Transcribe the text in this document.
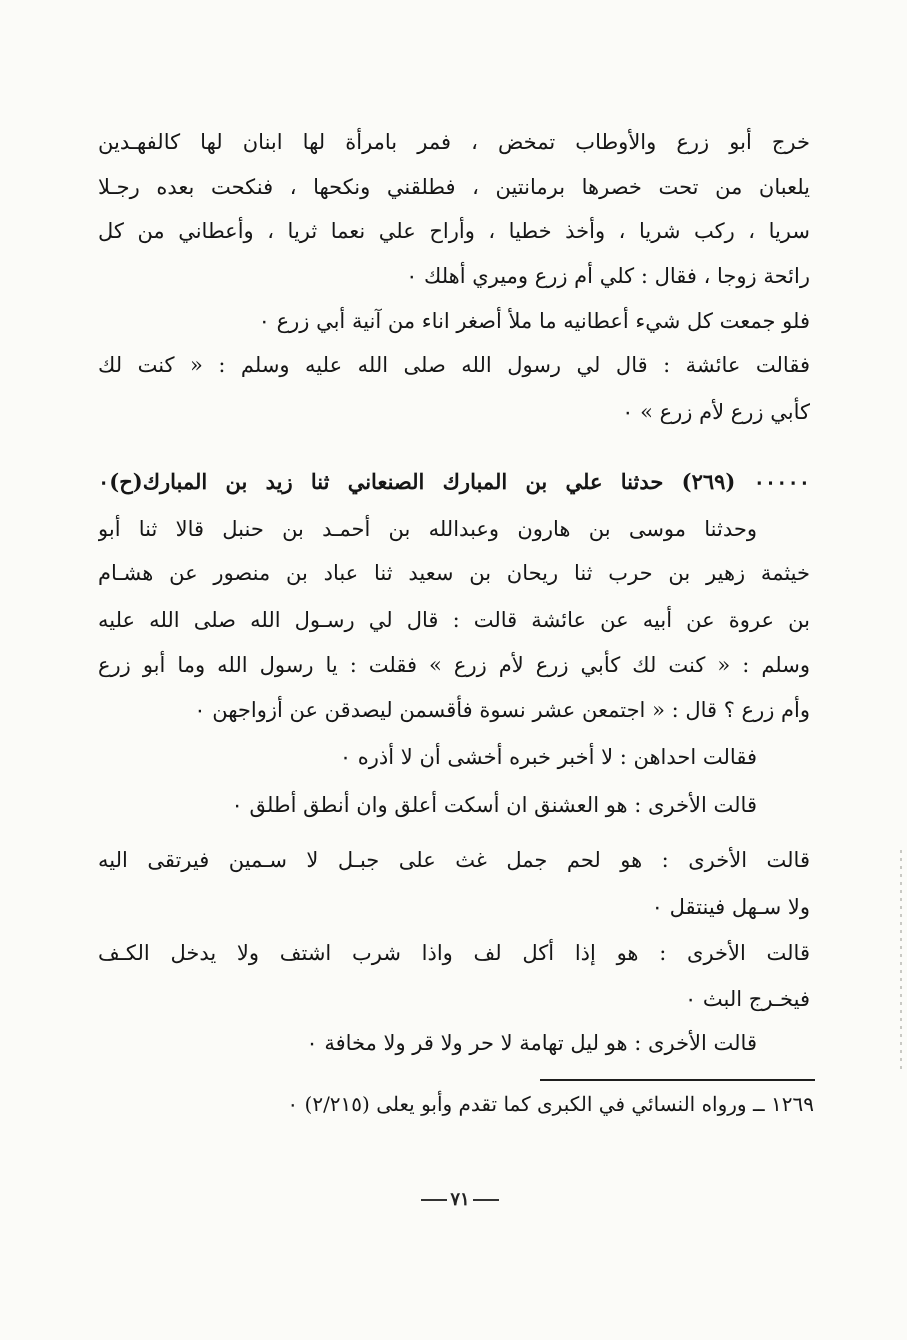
خرج أبو زرع والأوطاب تمخض ، فمر بامرأة لها ابنان لها كالفهـدين
يلعبان من تحت خصرها برمانتين ، فطلقني ونكحها ، فنكحت بعده رجـلا
سريا ، ركب شريا ، وأخذ خطيا ، وأراح علي نعما ثريا ، وأعطاني من كل
رائحة زوجا ، فقال : كلي أم زرع وميري أهلك ٠
فلو جمعت كل شيء أعطانيه ما ملأ أصغر اناء من آنية أبي زرع ٠
فقالت عائشة : قال لي رسول الله صلى الله عليه وسلم : « كنت لك
كأبي زرع لأم زرع » ٠
٠٠٠٠٠ (٢٦٩) حدثنا علي بن المبارك الصنعاني ثنا زيد بن المبارك(ح)٠
وحدثنا موسى بن هارون وعبدالله بن أحمـد بن حنبل قالا ثنا أبو
خيثمة زهير بن حرب ثنا ريحان بن سعيد ثنا عباد بن منصور عن هشـام
بن عروة عن أبيه عن عائشة قالت : قال لي رسـول الله صلى الله عليه
وسلم : « كنت لك كأبي زرع لأم زرع » فقلت : يا رسول الله وما أبو زرع
وأم زرع ؟ قال : « اجتمعن عشر نسوة فأقسمن ليصدقن عن أزواجهن ٠
فقالت احداهن : لا أخبر خبره أخشى أن لا أذره ٠
قالت الأخرى : هو العشنق ان أسكت أعلق وان أنطق أطلق ٠
قالت الأخرى : هو لحم جمل غث على جبـل لا سـمين فيرتقى اليه
ولا سـهل فينتقل ٠
قالت الأخرى : هو إذا أكل لف واذا شرب اشتف ولا يدخل الكـف
فيخـرج البث ٠
قالت الأخرى : هو ليل تهامة لا حر ولا قر ولا مخافة ٠
١٢٦٩ ــ ورواه النسائي في الكبرى كما تقدم وأبو يعلى (٢/٢١٥) ٠
٧١
